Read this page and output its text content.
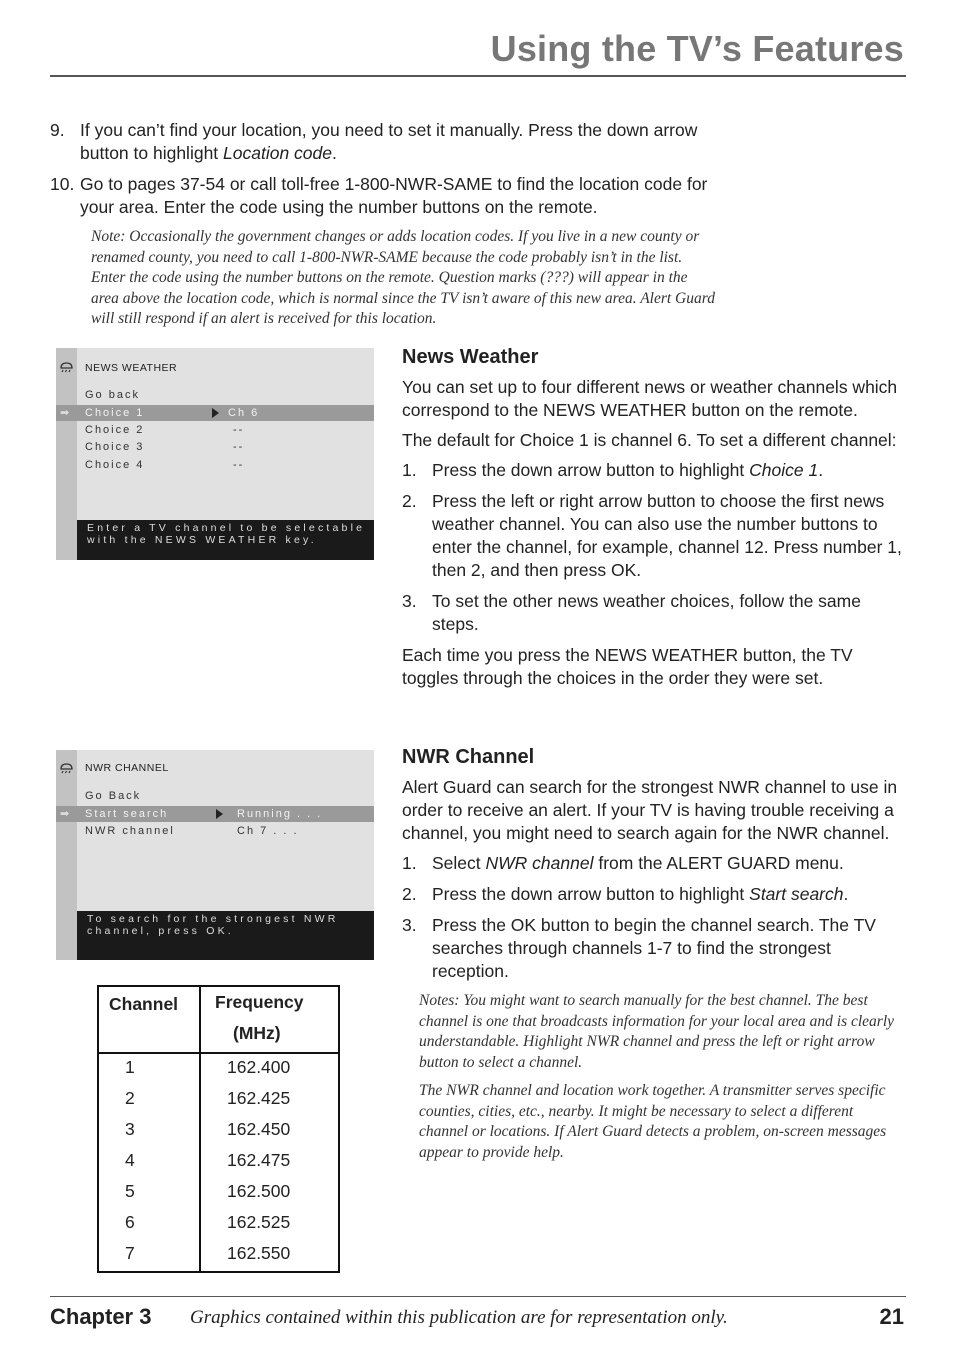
Using the TV’s Features
9. If you can’t find your location, you need to set it manually. Press the down arrow button to highlight Location code.
10. Go to pages 37-54 or call toll-free 1-800-NWR-SAME to find the location code for your area. Enter the code using the number buttons on the remote.
Note: Occasionally the government changes or adds location codes. If you live in a new county or renamed county, you need to call 1-800-NWR-SAME because the code probably isn’t in the list. Enter the code using the number buttons on the remote. Question marks (???) will appear in the area above the location code, which is normal since the TV isn’t aware of this new area. Alert Guard will still respond if an alert is received for this location.
NEWS WEATHER
Go back
➡ Choice 1	Ch 6
Choice 2	--
Choice 3	--
Choice 4	--
Enter a TV channel to be selectable with the NEWS WEATHER key.
News Weather

You can set up to four different news or weather channels which correspond to the NEWS WEATHER button on the remote.

The default for Choice 1 is channel 6. To set a different channel:

1. Press the down arrow button to highlight Choice 1.
2. Press the left or right arrow button to choose the first news weather channel. You can also use the number buttons to enter the channel, for example, channel 12. Press number 1, then 2, and then press OK.
3. To set the other news weather choices, follow the same steps.

Each time you press the NEWS WEATHER button, the TV toggles through the choices in the order they were set.

NWR CHANNEL
Go Back
➡ Start search	Running . . .
NWR channel	Ch 7 . . .
To search for the strongest NWR channel, press OK.
NWR Channel

Alert Guard can search for the strongest NWR channel to use in order to receive an alert. If your TV is having trouble receiving a channel, you might need to search again for the NWR channel.

1. Select NWR channel from the ALERT GUARD menu.
2. Press the down arrow button to highlight Start search.
3. Press the OK button to begin the channel search. The TV searches through channels 1-7 to find the strongest reception.

Notes: You might want to search manually for the best channel. The best channel is one that broadcasts information for your local area and is clearly understandable. Highlight NWR channel and press the left or right arrow button to select a channel.

The NWR channel and location work together. A transmitter serves specific counties, cities, etc., nearby. It might be necessary to select a different channel or locations. If Alert Guard detects a problem, on-screen messages appear to provide help.

Channel Frequency
(MHz)
1	162.400
2	162.425
3	162.450
4	162.475
5	162.500
6	162.525
7	162.550
Chapter 3 Graphics contained within this publication are for representation only.	21
